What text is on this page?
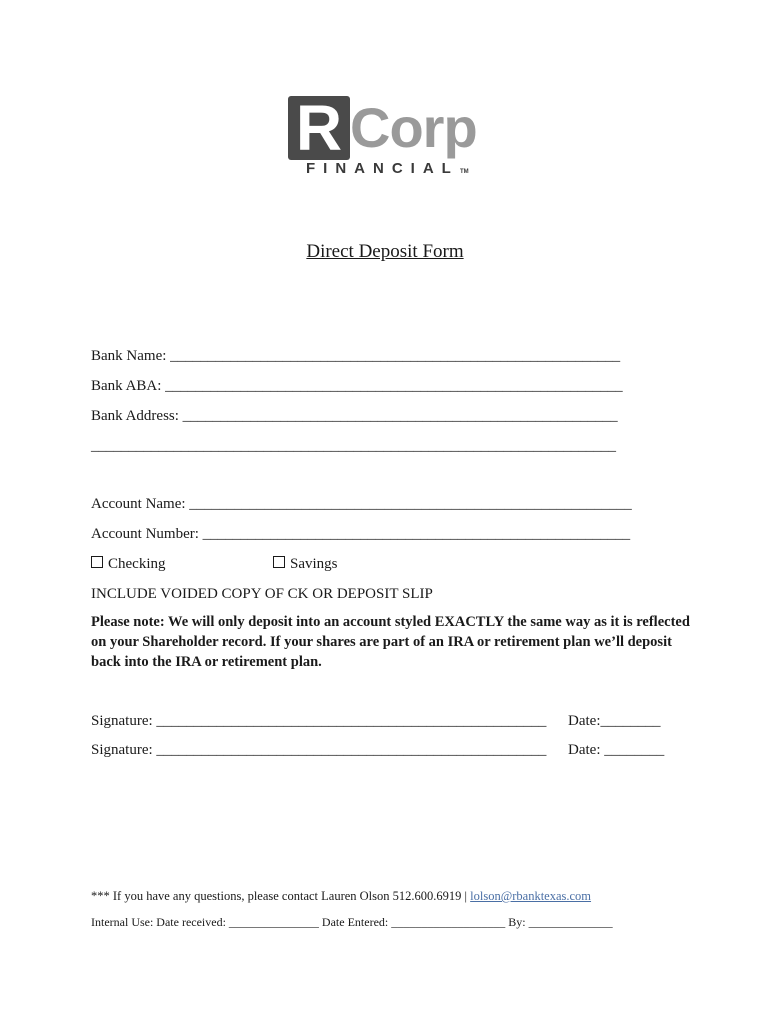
R Corp
FINANCIAL TM
Direct Deposit Form
Bank Name: ____________________________________________________________
Bank ABA: _____________________________________________________________
Bank Address: __________________________________________________________
______________________________________________________________________
Account Name: ___________________________________________________________
Account Number: _________________________________________________________
Checking	Savings
INCLUDE VOIDED COPY OF CK OR DEPOSIT SLIP
Please note: We will only deposit into an account styled EXACTLY the same way as it is reflected on your Shareholder record. If your shares are part of an IRA or retirement plan we’ll deposit back into the IRA or retirement plan.
Signature: ____________________________________________________ Date:________
Signature: ____________________________________________________ Date: ________
*** If you have any questions, please contact Lauren Olson 512.600.6919 | lolson@rbanktexas.com
Internal Use: Date received: _______________ Date Entered: ___________________ By: ______________
